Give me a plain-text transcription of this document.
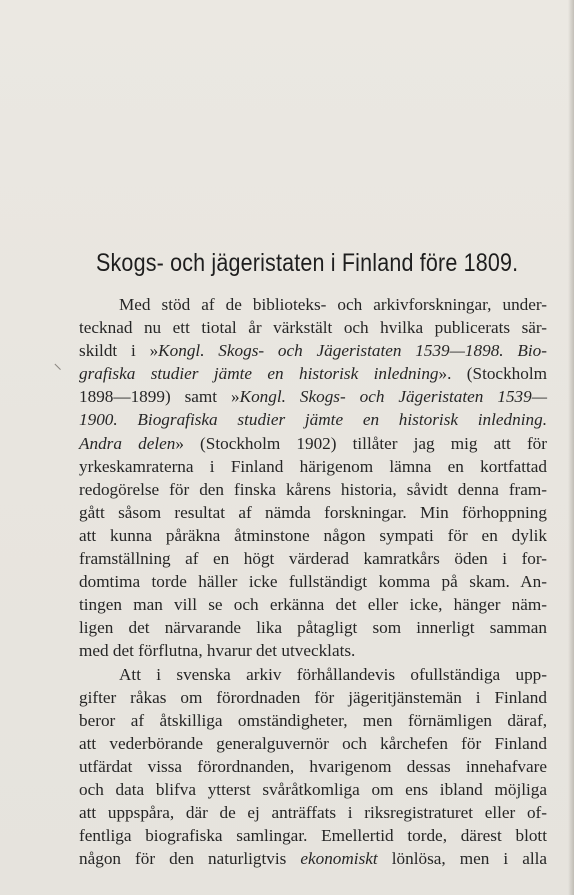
Skogs- och jägeristaten i Finland före 1809.
Med stöd af de biblioteks- och arkivforskningar, under-
tecknad nu ett tiotal år värkstält och hvilka publicerats sär-
skildt i »Kongl. Skogs- och Jägeristaten 1539—1898. Bio-
grafiska studier jämte en historisk inledning». (Stockholm
1898—1899) samt »Kongl. Skogs- och Jägeristaten 1539—
1900. Biografiska studier jämte en historisk inledning.
Andra delen» (Stockholm 1902) tillåter jag mig att för
yrkeskamraterna i Finland härigenom lämna en kortfattad
redogörelse för den finska kårens historia, såvidt denna fram-
gått såsom resultat af nämda forskningar. Min förhoppning
att kunna påräkna åtminstone någon sympati för en dylik
framställning af en högt värderad kamratkårs öden i for-
domtima torde häller icke fullständigt komma på skam. An-
tingen man vill se och erkänna det eller icke, hänger näm-
ligen det närvarande lika påtagligt som innerligt samman
med det förflutna, hvarur det utvecklats.
Att i svenska arkiv förhållandevis ofullständiga upp-
gifter råkas om förordnaden för jägeritjänstemän i Finland
beror af åtskilliga omständigheter, men förnämligen däraf,
att vederbörande generalguvernör och kårchefen för Finland
utfärdat vissa förordnanden, hvarigenom dessas innehafvare
och data blifva ytterst svåråtkomliga om ens ibland möjliga
att uppspåra, där de ej anträffats i riksregistraturet eller of-
fentliga biografiska samlingar. Emellertid torde, därest blott
någon för den naturligtvis ekonomiskt lönlösa, men i alla
